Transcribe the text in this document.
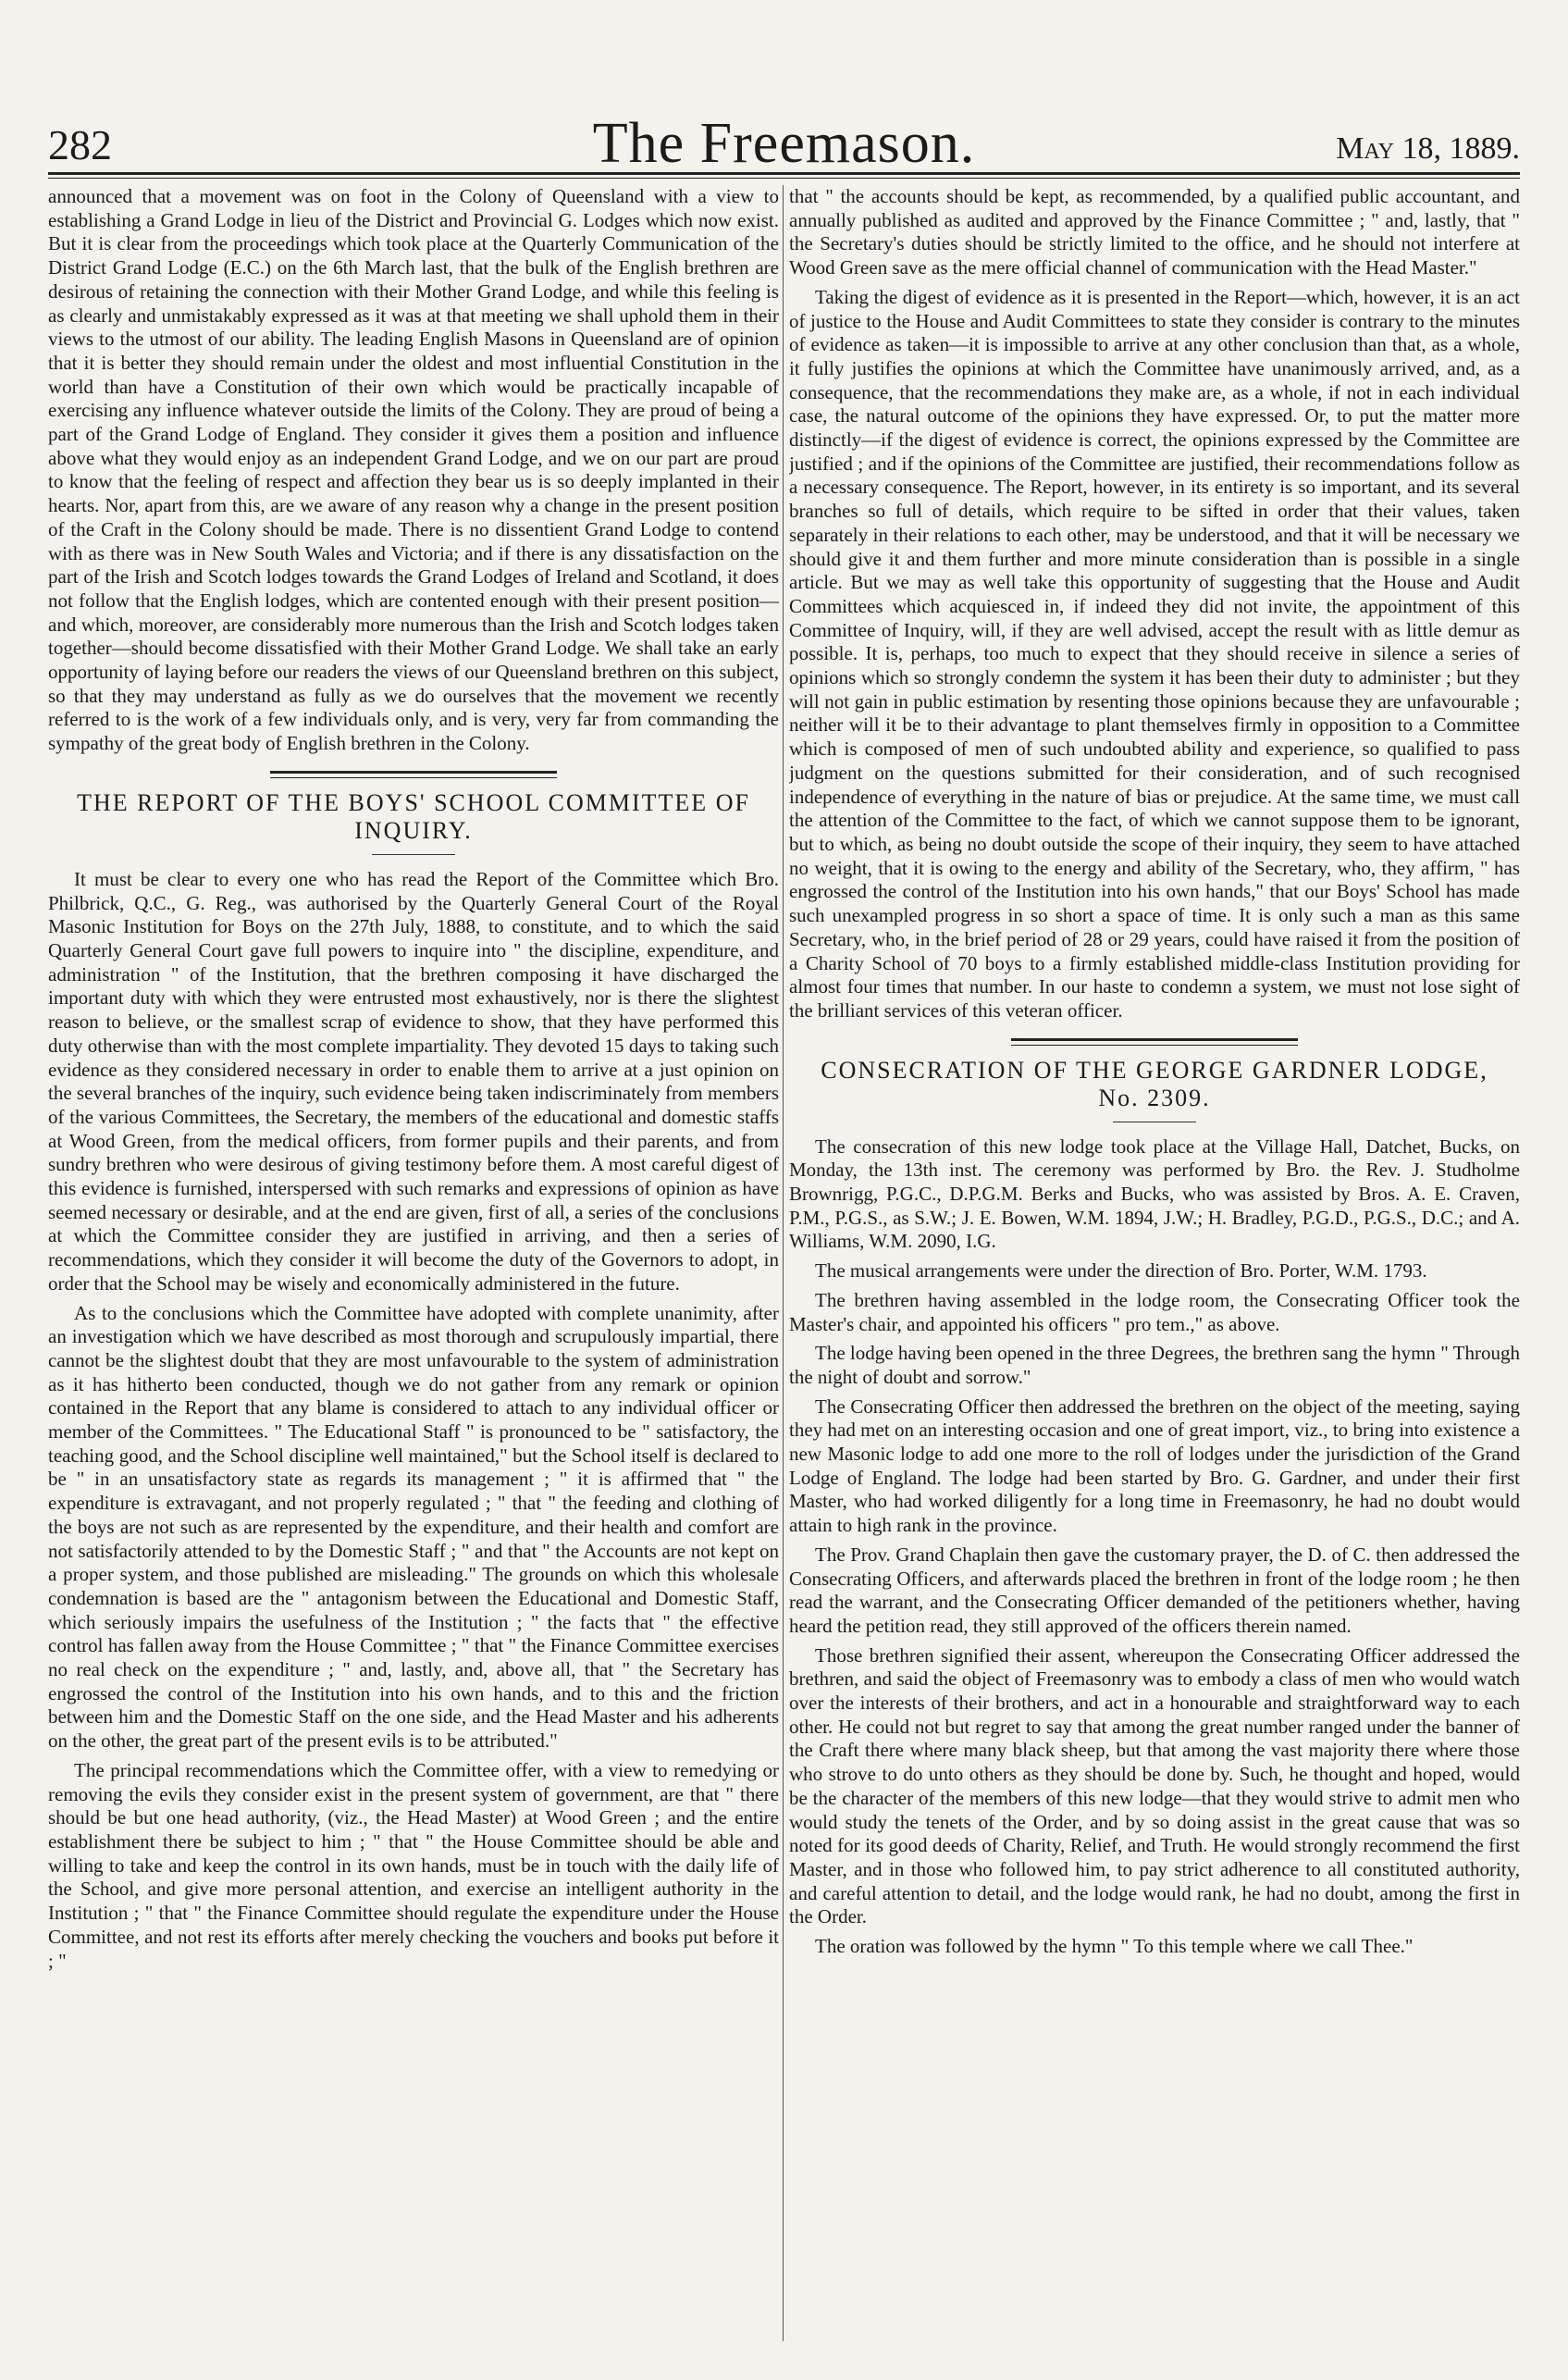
282	The Freemason.	May 18, 1889.

announced that a movement was on foot in the Colony of Queensland with a view to establishing a Grand Lodge in lieu of the District and Provincial G. Lodges which now exist. But it is clear from the proceedings which took place at the Quarterly Communication of the District Grand Lodge (E.C.) on the 6th March last, that the bulk of the English brethren are desirous of retaining the connection with their Mother Grand Lodge, and while this feeling is as clearly and unmistakably expressed as it was at that meeting we shall uphold them in their views to the utmost of our ability. The leading English Masons in Queensland are of opinion that it is better they should remain under the oldest and most influential Constitution in the world than have a Constitution of their own which would be practically incapable of exercising any influence whatever outside the limits of the Colony. They are proud of being a part of the Grand Lodge of England. They consider it gives them a position and influence above what they would enjoy as an independent Grand Lodge, and we on our part are proud to know that the feeling of respect and affection they bear us is so deeply implanted in their hearts. Nor, apart from this, are we aware of any reason why a change in the present position of the Craft in the Colony should be made. There is no dissentient Grand Lodge to contend with as there was in New South Wales and Victoria; and if there is any dissatisfaction on the part of the Irish and Scotch lodges towards the Grand Lodges of Ireland and Scotland, it does not follow that the English lodges, which are contented enough with their present position—and which, moreover, are considerably more numerous than the Irish and Scotch lodges taken together—should become dissatisfied with their Mother Grand Lodge. We shall take an early opportunity of laying before our readers the views of our Queensland brethren on this subject, so that they may understand as fully as we do ourselves that the movement we recently referred to is the work of a few individuals only, and is very, very far from commanding the sympathy of the great body of English brethren in the Colony.

THE REPORT OF THE BOYS' SCHOOL COMMITTEE OF INQUIRY.

It must be clear to every one who has read the Report of the Committee which Bro. Philbrick, Q.C., G. Reg., was authorised by the Quarterly General Court of the Royal Masonic Institution for Boys on the 27th July, 1888, to constitute, and to which the said Quarterly General Court gave full powers to inquire into " the discipline, expenditure, and administration " of the Institution, that the brethren composing it have discharged the important duty with which they were entrusted most exhaustively, nor is there the slightest reason to believe, or the smallest scrap of evidence to show, that they have performed this duty otherwise than with the most complete impartiality. They devoted 15 days to taking such evidence as they considered necessary in order to enable them to arrive at a just opinion on the several branches of the inquiry, such evidence being taken indiscriminately from members of the various Committees, the Secretary, the members of the educational and domestic staffs at Wood Green, from the medical officers, from former pupils and their parents, and from sundry brethren who were desirous of giving testimony before them. A most careful digest of this evidence is furnished, interspersed with such remarks and expressions of opinion as have seemed necessary or desirable, and at the end are given, first of all, a series of the conclusions at which the Committee consider they are justified in arriving, and then a series of recommendations, which they consider it will become the duty of the Governors to adopt, in order that the School may be wisely and economically administered in the future.

As to the conclusions which the Committee have adopted with complete unanimity, after an investigation which we have described as most thorough and scrupulously impartial, there cannot be the slightest doubt that they are most unfavourable to the system of administration as it has hitherto been conducted, though we do not gather from any remark or opinion contained in the Report that any blame is considered to attach to any individual officer or member of the Committees. " The Educational Staff " is pronounced to be " satisfactory, the teaching good, and the School discipline well maintained," but the School itself is declared to be " in an unsatisfactory state as regards its management ; " it is affirmed that " the expenditure is extravagant, and not properly regulated ; " that " the feeding and clothing of the boys are not such as are represented by the expenditure, and their health and comfort are not satisfactorily attended to by the Domestic Staff ; " and that " the Accounts are not kept on a proper system, and those published are misleading." The grounds on which this wholesale condemnation is based are the " antagonism between the Educational and Domestic Staff, which seriously impairs the usefulness of the Institution ; " the facts that " the effective control has fallen away from the House Committee ; " that " the Finance Committee exercises no real check on the expenditure ; " and, lastly, and, above all, that " the Secretary has engrossed the control of the Institution into his own hands, and to this and the friction between him and the Domestic Staff on the one side, and the Head Master and his adherents on the other, the great part of the present evils is to be attributed."

The principal recommendations which the Committee offer, with a view to remedying or removing the evils they consider exist in the present system of government, are that " there should be but one head authority, (viz., the Head Master) at Wood Green ; and the entire establishment there be subject to him ; " that " the House Committee should be able and willing to take and keep the control in its own hands, must be in touch with the daily life of the School, and give more personal attention, and exercise an intelligent authority in the Institution ; " that " the Finance Committee should regulate the expenditure under the House Committee, and not rest its efforts after merely checking the vouchers and books put before it ; "

that " the accounts should be kept, as recommended, by a qualified public accountant, and annually published as audited and approved by the Finance Committee ; " and, lastly, that " the Secretary's duties should be strictly limited to the office, and he should not interfere at Wood Green save as the mere official channel of communication with the Head Master."

Taking the digest of evidence as it is presented in the Report—which, however, it is an act of justice to the House and Audit Committees to state they consider is contrary to the minutes of evidence as taken—it is impossible to arrive at any other conclusion than that, as a whole, it fully justifies the opinions at which the Committee have unanimously arrived, and, as a consequence, that the recommendations they make are, as a whole, if not in each individual case, the natural outcome of the opinions they have expressed. Or, to put the matter more distinctly—if the digest of evidence is correct, the opinions expressed by the Committee are justified ; and if the opinions of the Committee are justified, their recommendations follow as a necessary consequence. The Report, however, in its entirety is so important, and its several branches so full of details, which require to be sifted in order that their values, taken separately in their relations to each other, may be understood, and that it will be necessary we should give it and them further and more minute consideration than is possible in a single article. But we may as well take this opportunity of suggesting that the House and Audit Committees which acquiesced in, if indeed they did not invite, the appointment of this Committee of Inquiry, will, if they are well advised, accept the result with as little demur as possible. It is, perhaps, too much to expect that they should receive in silence a series of opinions which so strongly condemn the system it has been their duty to administer ; but they will not gain in public estimation by resenting those opinions because they are unfavourable ; neither will it be to their advantage to plant themselves firmly in opposition to a Committee which is composed of men of such undoubted ability and experience, so qualified to pass judgment on the questions submitted for their consideration, and of such recognised independence of everything in the nature of bias or prejudice. At the same time, we must call the attention of the Committee to the fact, of which we cannot suppose them to be ignorant, but to which, as being no doubt outside the scope of their inquiry, they seem to have attached no weight, that it is owing to the energy and ability of the Secretary, who, they affirm, " has engrossed the control of the Institution into his own hands," that our Boys' School has made such unexampled progress in so short a space of time. It is only such a man as this same Secretary, who, in the brief period of 28 or 29 years, could have raised it from the position of a Charity School of 70 boys to a firmly established middle-class Institution providing for almost four times that number. In our haste to condemn a system, we must not lose sight of the brilliant services of this veteran officer.

CONSECRATION OF THE GEORGE GARDNER LODGE, No. 2309.

The consecration of this new lodge took place at the Village Hall, Datchet, Bucks, on Monday, the 13th inst. The ceremony was performed by Bro. the Rev. J. Studholme Brownrigg, P.G.C., D.P.G.M. Berks and Bucks, who was assisted by Bros. A. E. Craven, P.M., P.G.S., as S.W.; J. E. Bowen, W.M. 1894, J.W.; H. Bradley, P.G.D., P.G.S., D.C.; and A. Williams, W.M. 2090, I.G.

The musical arrangements were under the direction of Bro. Porter, W.M. 1793.

The brethren having assembled in the lodge room, the Consecrating Officer took the Master's chair, and appointed his officers " pro tem.," as above.

The lodge having been opened in the three Degrees, the brethren sang the hymn " Through the night of doubt and sorrow."

The Consecrating Officer then addressed the brethren on the object of the meeting, saying they had met on an interesting occasion and one of great import, viz., to bring into existence a new Masonic lodge to add one more to the roll of lodges under the jurisdiction of the Grand Lodge of England. The lodge had been started by Bro. G. Gardner, and under their first Master, who had worked diligently for a long time in Freemasonry, he had no doubt would attain to high rank in the province.

The Prov. Grand Chaplain then gave the customary prayer, the D. of C. then addressed the Consecrating Officers, and afterwards placed the brethren in front of the lodge room ; he then read the warrant, and the Consecrating Officer demanded of the petitioners whether, having heard the petition read, they still approved of the officers therein named.

Those brethren signified their assent, whereupon the Consecrating Officer addressed the brethren, and said the object of Freemasonry was to embody a class of men who would watch over the interests of their brothers, and act in a honourable and straightforward way to each other. He could not but regret to say that among the great number ranged under the banner of the Craft there where many black sheep, but that among the vast majority there where those who strove to do unto others as they should be done by. Such, he thought and hoped, would be the character of the members of this new lodge—that they would strive to admit men who would study the tenets of the Order, and by so doing assist in the great cause that was so noted for its good deeds of Charity, Relief, and Truth. He would strongly recommend the first Master, and in those who followed him, to pay strict adherence to all constituted authority, and careful attention to detail, and the lodge would rank, he had no doubt, among the first in the Order.

The oration was followed by the hymn " To this temple where we call Thee."
